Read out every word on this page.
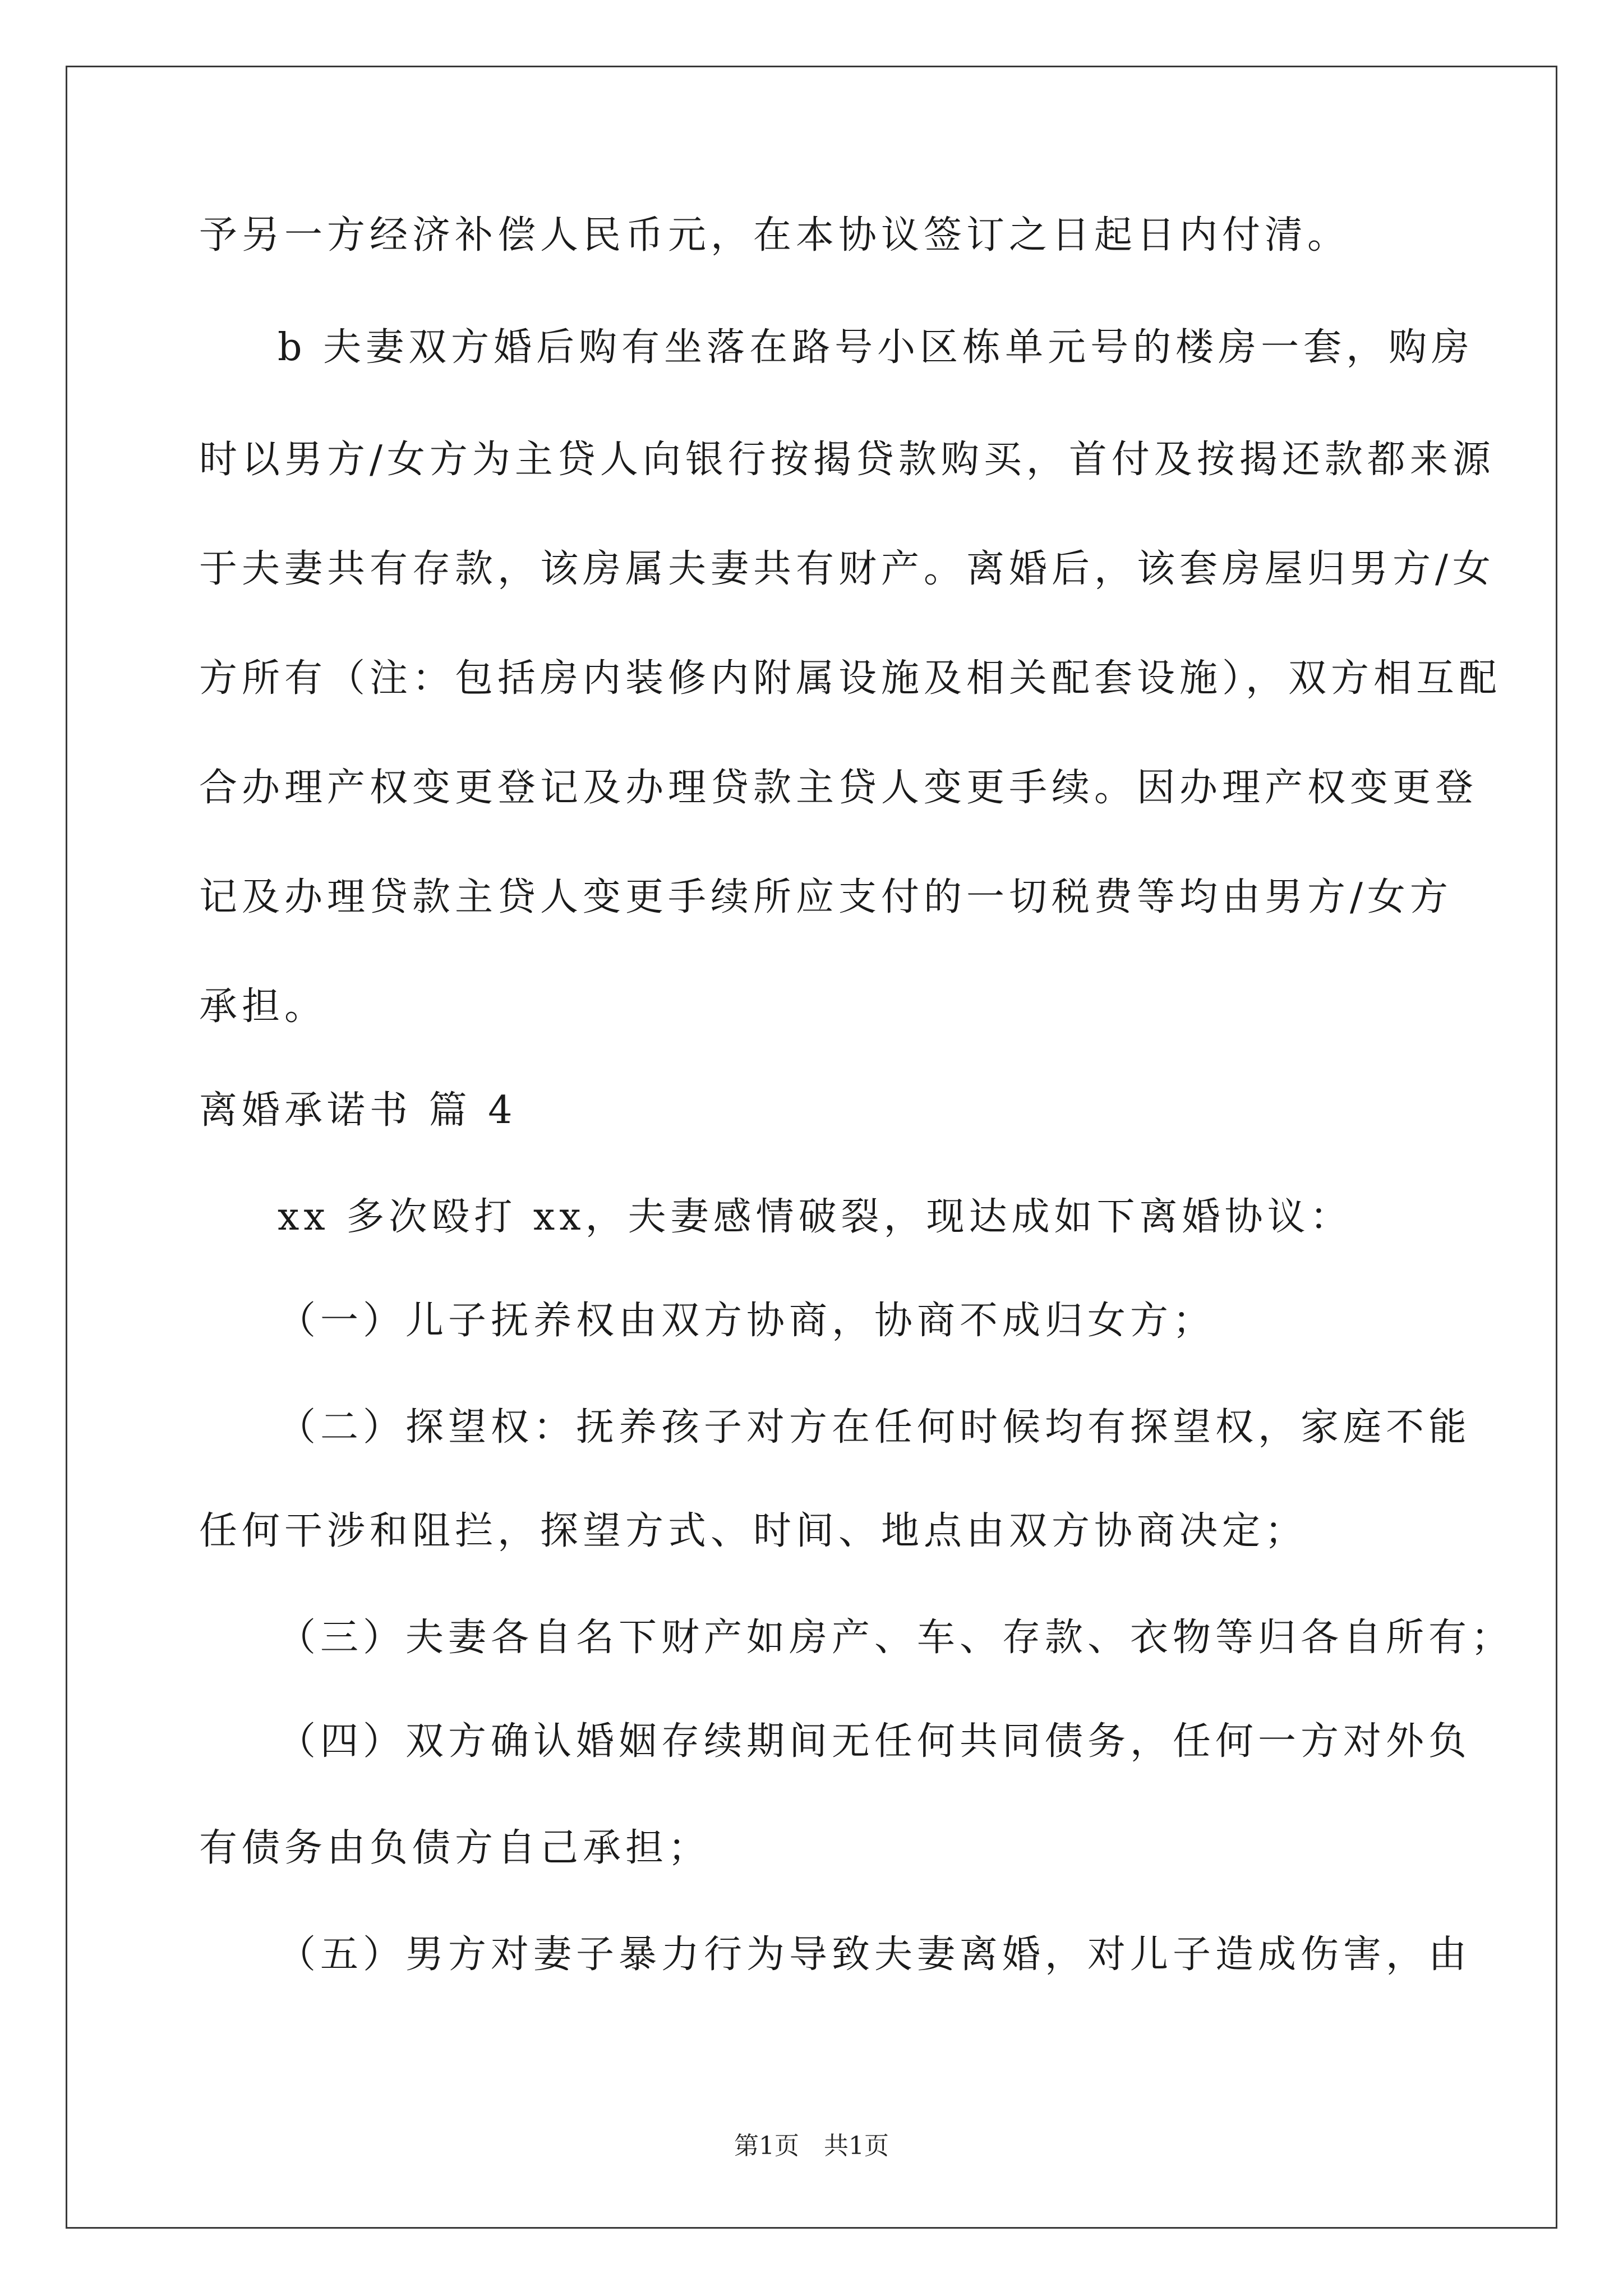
予另一方经济补偿人民币元，在本协议签订之日起日内付清。
b 夫妻双方婚后购有坐落在路号小区栋单元号的楼房一套，购房
时以男方/女方为主贷人向银行按揭贷款购买，首付及按揭还款都来源
于夫妻共有存款，该房属夫妻共有财产。离婚后，该套房屋归男方/女
方所有（注：包括房内装修内附属设施及相关配套设施），双方相互配
合办理产权变更登记及办理贷款主贷人变更手续。因办理产权变更登
记及办理贷款主贷人变更手续所应支付的一切税费等均由男方/女方
承担。
离婚承诺书 篇 4
xx 多次殴打 xx，夫妻感情破裂，现达成如下离婚协议：
（一）儿子抚养权由双方协商，协商不成归女方；
（二）探望权：抚养孩子对方在任何时候均有探望权，家庭不能
任何干涉和阻拦，探望方式、时间、地点由双方协商决定；
（三）夫妻各自名下财产如房产、车、存款、衣物等归各自所有；
（四）双方确认婚姻存续期间无任何共同债务，任何一方对外负
有债务由负债方自己承担；
（五）男方对妻子暴力行为导致夫妻离婚，对儿子造成伤害，由
第1页　共1页
